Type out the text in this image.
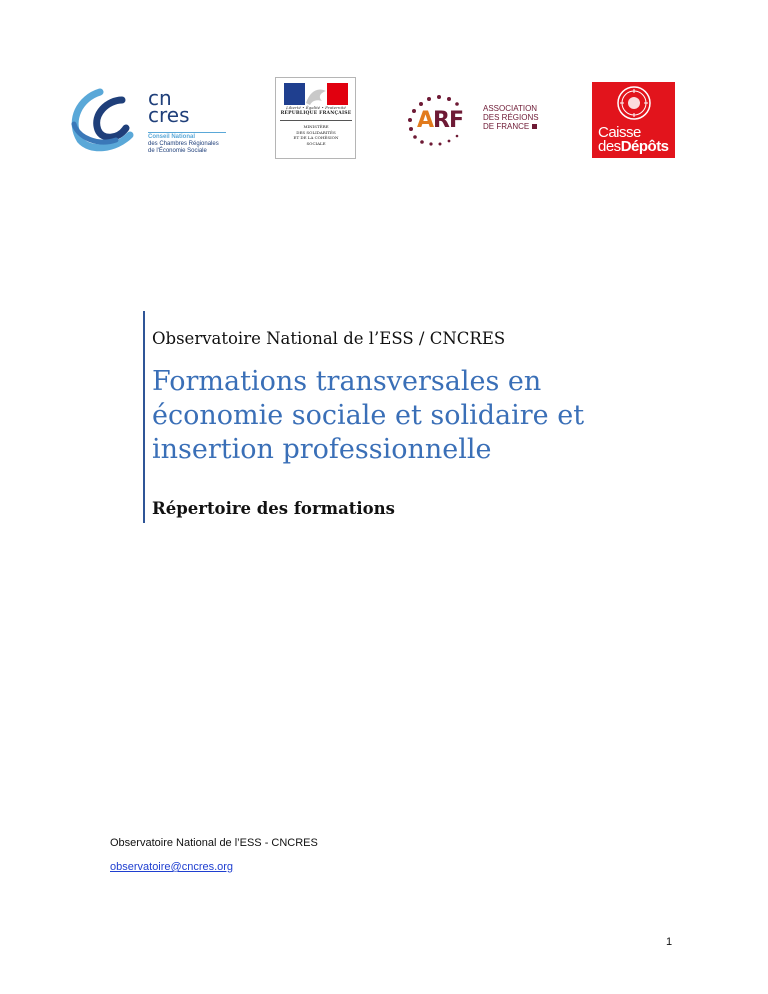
cn
cres
Conseil National
des Chambres Régionales
de l'Économie Sociale
Liberté • Égalité • Fraternité
RÉPUBLIQUE FRANÇAISE
MINISTÈRE
DES SOLIDARITÉS
ET DE LA COHÉSION
SOCIALE
ARF	ASSOCIATION
DES RÉGIONS
DE FRANCE	Caisse
desDépôts
Observatoire National de l’ESS / CNCRES
Formations transversales en économie sociale et solidaire et insertion professionnelle
Répertoire des formations
Observatoire National de l’ESS - CNCRES
observatoire@cncres.org
1
